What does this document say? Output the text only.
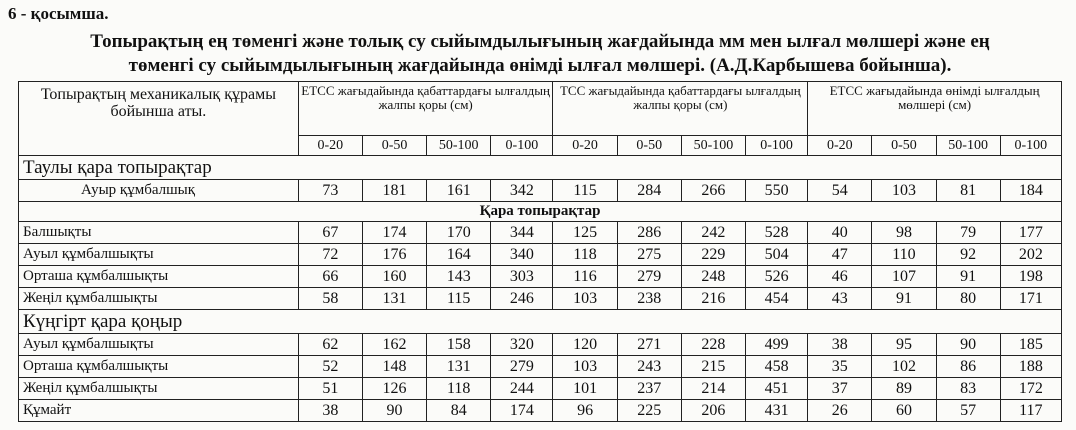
6 - қосымша.
Топырақтың ең төменгі және толық су сыйымдылығының жағдайында мм мен ылғал мөлшері және ең
төменгі су сыйымдылығының жағдайында өнімді ылғал мөлшері. (А.Д.Карбышева бойынша).
Топырақтың механикалық құрамы бойынша аты.	ЕТСС жағыдайында қабаттардағы ылғалдың жалпы қоры (см)				ТСС жағыдайында қабаттардағы ылғалдың жалпы қоры (см)				ЕТСС жағыдайында өнімді ылғалдың мөлшері (см)			
	0-20	0-50	50-100	0-100	0-20	0-50	50-100	0-100	0-20	0-50	50-100	0-100
Таулы қара топырақтар												
Ауыр құмбалшық	73	181	161	342	115	284	266	550	54	103	81	184
Қара топырақтар												
Балшықты	67	174	170	344	125	286	242	528	40	98	79	177
Ауыл құмбалшықты	72	176	164	340	118	275	229	504	47	110	92	202
Орташа құмбалшықты	66	160	143	303	116	279	248	526	46	107	91	198
Жеңіл құмбалшықты	58	131	115	246	103	238	216	454	43	91	80	171
Күңгірт қара қоңыр												
Ауыл құмбалшықты	62	162	158	320	120	271	228	499	38	95	90	185
Орташа құмбалшықты	52	148	131	279	103	243	215	458	35	102	86	188
Жеңіл құмбалшықты	51	126	118	244	101	237	214	451	37	89	83	172
Құмайт	38	90	84	174	96	225	206	431	26	60	57	117
